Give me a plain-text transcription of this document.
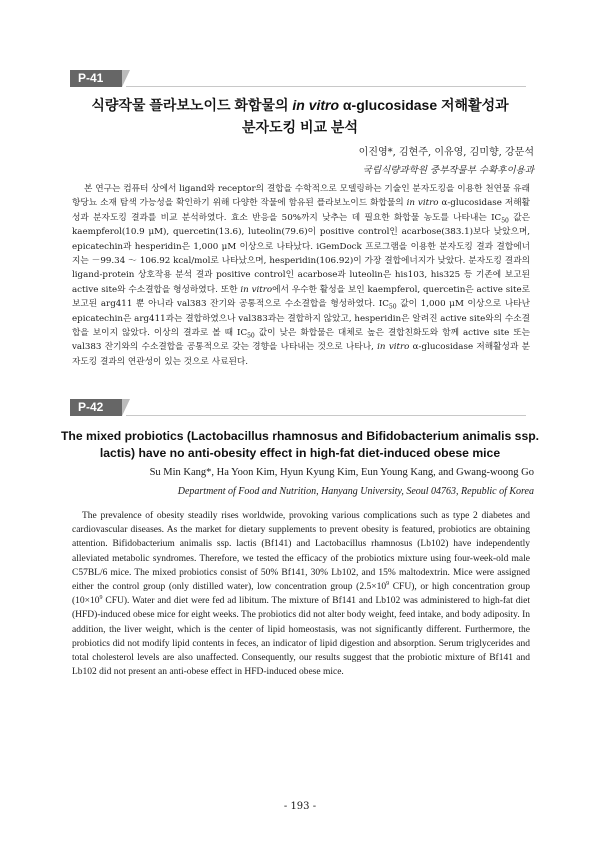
P-41
식량작물 플라보노이드 화합물의 in vitro α-glucosidase 저해활성과
분자도킹 비교 분석
이진영*, 김현주, 이유영, 김미향, 강문석
국립식량과학원 중부작물부 수확후이용과

본 연구는 컴퓨터 상에서 ligand와 receptor의 결합을 수학적으로 모델링하는 기술인 분자도킹을 이용한 천연물 유래 항당뇨 소재 탐색 가능성을 확인하기 위해 다양한 작물에 함유된 플라보노이드 화합물의 in vitro α-glucosidase 저해활성과 분자도킹 결과를 비교 분석하였다. 효소 반응을 50%까지 낮추는 데 필요한 화합물 농도를 나타내는 $IC_{50}$ 값은 kaempferol(10.9 μM), quercetin(13.6), luteolin(79.6)이 positive control인 acarbose(383.1)보다 낮았으며, epicatechin과 hesperidin은 1,000 μM 이상으로 나타났다. iGemDock 프로그램을 이용한 분자도킹 결과 결합에너지는 －99.34 ～ 106.92 kcal/mol로 나타났으며, hesperidin(106.92)이 가장 결합에너지가 낮았다. 분자도킹 결과의 ligand-protein 상호작용 분석 결과 positive control인 acarbose과 luteolin은 his103, his325 등 기존에 보고된 active site와 수소결합을 형성하였다. 또한 in vitro에서 우수한 활성을 보인 kaempferol, quercetin은 active site로 보고된 arg411 뿐 아니라 val383 잔기와 공통적으로 수소결합을 형성하였다. $IC_{50}$ 값이 1,000 μM 이상으로 나타난 epicatechin은 arg411과는 결합하였으나 val383과는 결합하지 않았고, hesperidin은 알려진 active site와의 수소결합을 보이지 않았다. 이상의 결과로 볼 때 $IC_{50}$ 값이 낮은 화합물은 대체로 높은 결합친화도와 함께 active site 또는 val383 잔기와의 수소결합을 공통적으로 갖는 경향을 나타내는 것으로 나타나, in vitro α-glucosidase 저해활성과 분자도킹 결과의 연관성이 있는 것으로 사료된다.

P-42
The mixed probiotics (Lactobacillus rhamnosus and Bifidobacterium animalis ssp.
lactis) have no anti-obesity effect in high-fat diet-induced obese mice
Su Min Kang*, Ha Yoon Kim, Hyun Kyung Kim, Eun Young Kang, and Gwang-woong Go
Department of Food and Nutrition, Hanyang University, Seoul 04763, Republic of Korea

The prevalence of obesity steadily rises worldwide, provoking various complications such as type 2 diabetes and cardiovascular diseases. As the market for dietary supplements to prevent obesity is featured, probiotics are obtaining attention. Bifidobacterium animalis ssp. lactis (Bf141) and Lactobacillus rhamnosus (Lb102) have independently alleviated metabolic syndromes. Therefore, we tested the efficacy of the probiotics mixture using four-week-old male C57BL/6 mice. The mixed probiotics consist of 50% Bf141, 30% Lb102, and 15% maltodextrin. Mice were assigned either the control group (only distilled water), low concentration group ($2.5\times 10^9$ CFU), or high concentration group ($10\times 10^9$ CFU). Water and diet were fed ad libitum. The mixture of Bf141 and Lb102 was administered to high-fat diet (HFD)-induced obese mice for eight weeks. The probiotics did not alter body weight, feed intake, and body adiposity. In addition, the liver weight, which is the center of lipid homeostasis, was not significantly different. Furthermore, the probiotics did not modify lipid contents in feces, an indicator of lipid digestion and absorption. Serum triglycerides and total cholesterol levels are also unaffected. Consequently, our results suggest that the probiotic mixture of Bf141 and Lb102 did not present an anti-obese effect in HFD-induced obese mice.

- 193 -
